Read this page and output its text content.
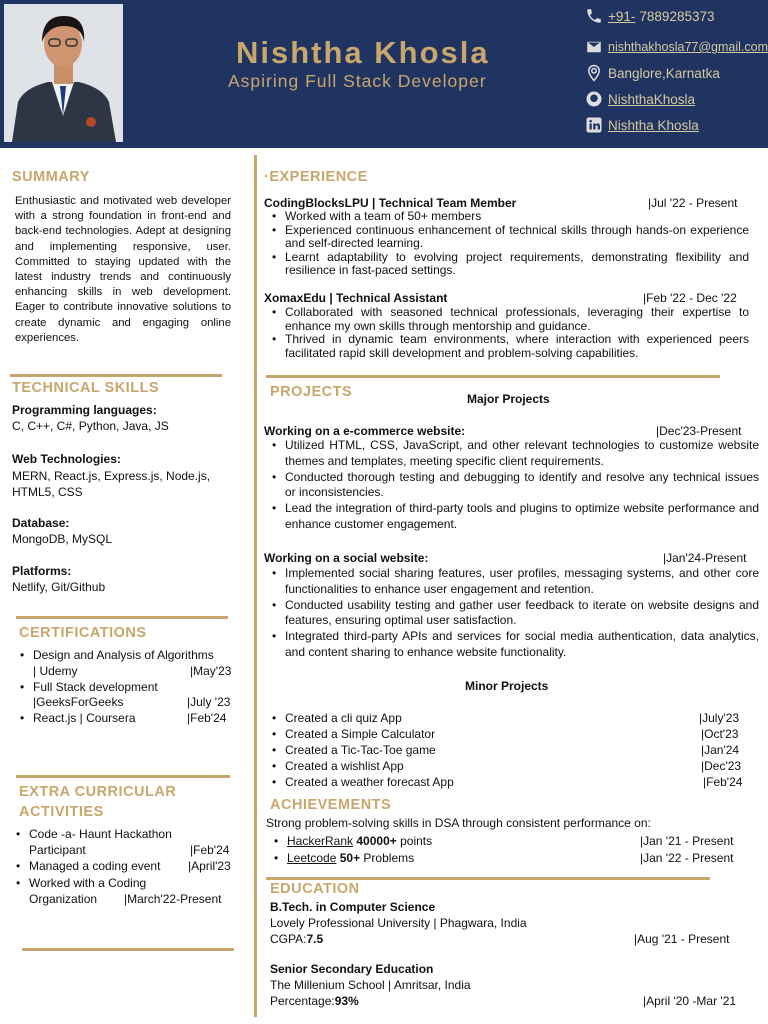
Nishtha Khosla
Aspiring Full Stack Developer
+91- 7889285373
nishthakhosla77@gmail.com
Banglore,Karnatka
NishthaKhosla
Nishtha Khosla
SUMMARY
Enthusiastic and motivated web developer with a strong foundation in front-end and back-end technologies. Adept at designing and implementing responsive, user. Committed to staying updated with the latest industry trends and continuously enhancing skills in web development. Eager to contribute innovative solutions to create dynamic and engaging online experiences.
TECHNICAL SKILLS
Programming languages:
C, C++, C#, Python, Java, JS
Web Technologies:
MERN, React.js, Express.js, Node.js, HTML5, CSS
Database:
MongoDB, MySQL
Platforms:
Netlify, Git/Github
CERTIFICATIONS
• Design and Analysis of Algorithms
| Udemy	|May'23
• Full Stack development
|GeeksForGeeks	|July '23
• React.js | Coursera	|Feb'24
EXTRA CURRICULAR
ACTIVITIES
• Code -a- Haunt Hackathon
Participant	|Feb'24
• Managed a coding event |April'23
• Worked with a Coding
Organization |March'22-Present
·EXPERIENCE
CodingBlocksLPU | Technical Team Member	|Jul '22 - Present
• Worked with a team of 50+ members
• Experienced continuous enhancement of technical skills through hands-on experience and self-directed learning.
• Learnt adaptability to evolving project requirements, demonstrating flexibility and resilience in fast-paced settings.
XomaxEdu | Technical Assistant	|Feb '22 - Dec '22
• Collaborated with seasoned technical professionals, leveraging their expertise to enhance my own skills through mentorship and guidance.
• Thrived in dynamic team environments, where interaction with experienced peers facilitated rapid skill development and problem-solving capabilities.
PROJECTS	Major Projects
Working on a e-commerce website:	|Dec'23-Present
• Utilized HTML, CSS, JavaScript, and other relevant technologies to customize website themes and templates, meeting specific client requirements.
• Conducted thorough testing and debugging to identify and resolve any technical issues or inconsistencies.
• Lead the integration of third-party tools and plugins to optimize website performance and enhance customer engagement.
Working on a social website:	|Jan'24-Present
• Implemented social sharing features, user profiles, messaging systems, and other core functionalities to enhance user engagement and retention.
• Conducted usability testing and gather user feedback to iterate on website designs and features, ensuring optimal user satisfaction.
• Integrated third-party APIs and services for social media authentication, data analytics, and content sharing to enhance website functionality.
Minor Projects
• Created a cli quiz App	|July'23
• Created a Simple Calculator	|Oct'23
• Created a Tic-Tac-Toe game	|Jan'24
• Created a wishlist App	|Dec'23
• Created a weather forecast App	|Feb'24
ACHIEVEMENTS
Strong problem-solving skills in DSA through consistent performance on:
• HackerRank 40000+ points	|Jan '21 - Present
• Leetcode 50+ Problems	|Jan '22 - Present
EDUCATION
B.Tech. in Computer Science
Lovely Professional University | Phagwara, India
CGPA:7.5	|Aug '21 - Present
Senior Secondary Education
The Millenium School | Amritsar, India
Percentage:93%	|April '20 -Mar '21
